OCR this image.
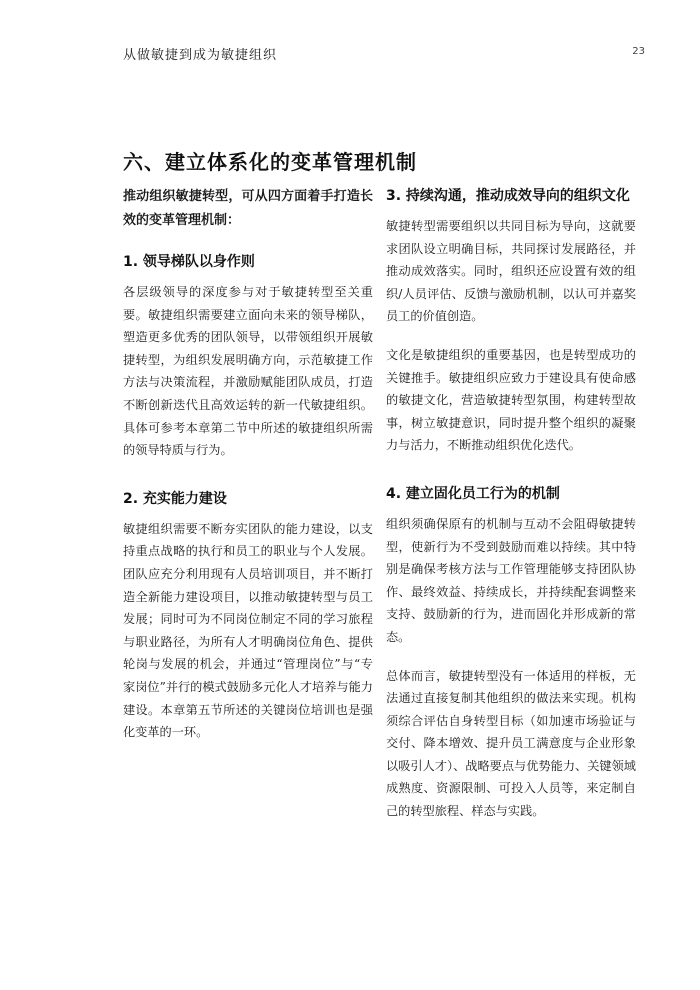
从做敏捷到成为敏捷组织	23
六、建立体系化的变革管理机制

推动组织敏捷转型，可从四方面着手打造长效的变革管理机制：

1. 领导梯队以身作则

各层级领导的深度参与对于敏捷转型至关重要。敏捷组织需要建立面向未来的领导梯队，塑造更多优秀的团队领导，以带领组织开展敏捷转型，为组织发展明确方向，示范敏捷工作方法与决策流程，并激励赋能团队成员，打造不断创新迭代且高效运转的新一代敏捷组织。具体可参考本章第二节中所述的敏捷组织所需的领导特质与行为。

2. 充实能力建设

敏捷组织需要不断夯实团队的能力建设，以支持重点战略的执行和员工的职业与个人发展。团队应充分利用现有人员培训项目，并不断打造全新能力建设项目，以推动敏捷转型与员工发展；同时可为不同岗位制定不同的学习旅程与职业路径，为所有人才明确岗位角色、提供轮岗与发展的机会，并通过“管理岗位”与“专家岗位”并行的模式鼓励多元化人才培养与能力建设。本章第五节所述的关键岗位培训也是强化变革的一环。

3. 持续沟通，推动成效导向的组织文化

敏捷转型需要组织以共同目标为导向，这就要求团队设立明确目标，共同探讨发展路径，并推动成效落实。同时，组织还应设置有效的组织/人员评估、反馈与激励机制，以认可并嘉奖员工的价值创造。

文化是敏捷组织的重要基因，也是转型成功的关键推手。敏捷组织应致力于建设具有使命感的敏捷文化，营造敏捷转型氛围，构建转型故事，树立敏捷意识，同时提升整个组织的凝聚力与活力，不断推动组织优化迭代。

4. 建立固化员工行为的机制

组织须确保原有的机制与互动不会阻碍敏捷转型，使新行为不受到鼓励而难以持续。其中特别是确保考核方法与工作管理能够支持团队协作、最终效益、持续成长，并持续配套调整来支持、鼓励新的行为，进而固化并形成新的常态。

总体而言，敏捷转型没有一体适用的样板，无法通过直接复制其他组织的做法来实现。机构须综合评估自身转型目标（如加速市场验证与交付、降本增效、提升员工满意度与企业形象以吸引人才）、战略要点与优势能力、关键领域成熟度、资源限制、可投入人员等，来定制自己的转型旅程、样态与实践。
